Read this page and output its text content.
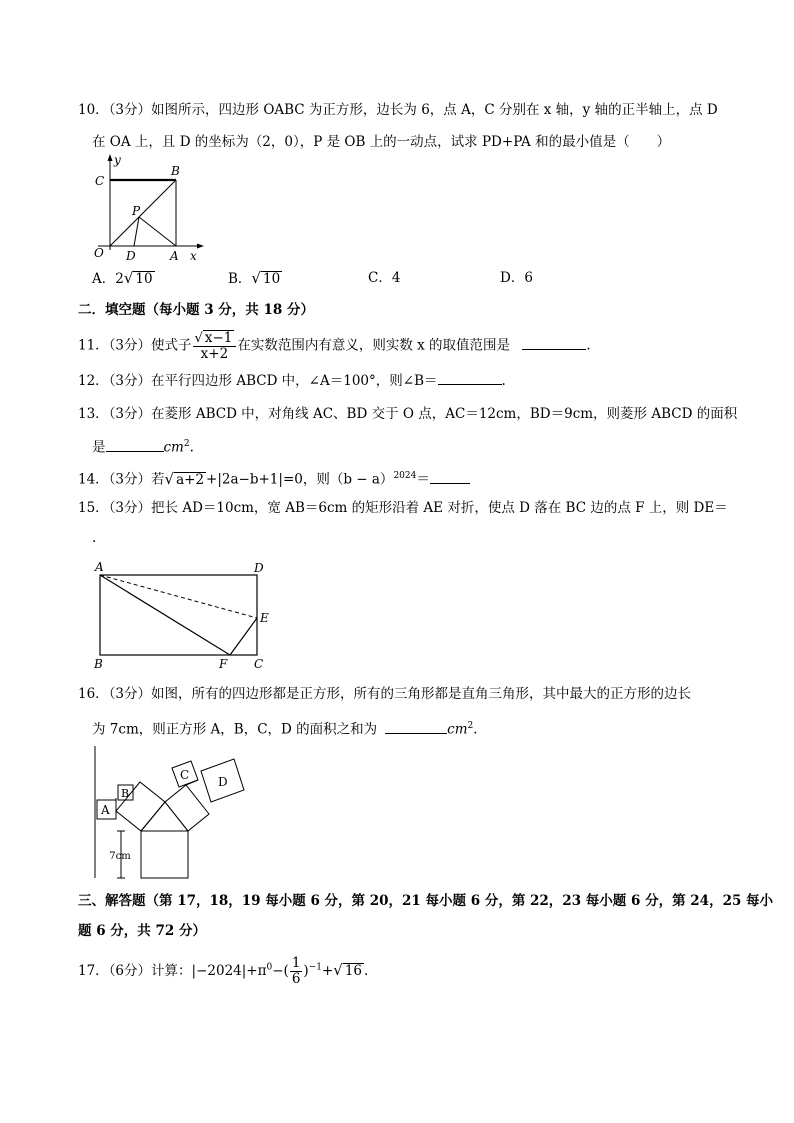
10．（3分）如图所示，四边形 OABC 为正方形，边长为 6，点 A，C 分别在 x 轴，y 轴的正半轴上，点 D
在 OA 上，且 D 的坐标为（2，0），P 是 OB 上的一动点，试求 PD+PA 和的最小值是（　　）
y
C
B
P
O D	A x
A．2√ 10	B．√ 10	C．4	D．6
二．填空题（每小题 3 分，共 18 分）
11．（3分）使式子 $\frac{√ x-1}{x+2}$ 在实数范围内有意义，则实数 x 的取值范围是	.
12．（3分）在平行四边形 ABCD 中，∠A＝100°，则∠B＝	.
13．（3分）在菱形 ABCD 中，对角线 AC、BD 交于 O 点，AC＝12cm，BD＝9cm，则菱形 ABCD 的面积
是	$cm^2$.
14．（3分）若√ a+2 +|2a−b+1|=0，则$(b - a)^{2024}=$
15．（3分）把长 AD＝10cm，宽 AB＝6cm 的矩形沿着 AE 对折，使点 D 落在 BC 边的点 F 上，则 DE＝
.
A	D
E
B	F C
16．（3分）如图，所有的四边形都是正方形，所有的三角形都是直角三角形，其中最大的正方形的边长
为 7cm，则正方形 A，B，C，D 的面积之和为	$cm^2$.
A
B
C D
7cm
三、解答题（第 17，18，19 每小题 6 分，第 20，21 每小题 6 分，第 22，23 每小题 6 分，第 24，25 每小
题 6 分，共 72 分）
17．（6分）计算：$|-2024|+\pi^0-( \frac{1}{6} )^{-1}+√$ 16 .
